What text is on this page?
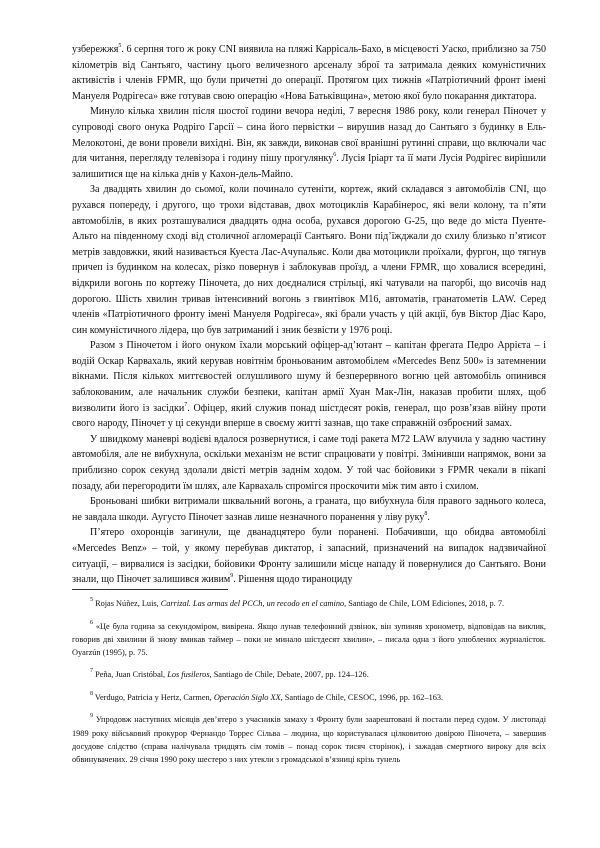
узбережжя$^5$. 6 серпня того ж року CNI виявила на пляжі Каррісаль-Бахо, в місцевості Уаско, приблизно за 750 кілометрів від Сантьяго, частину цього величезного арсеналу зброї та затримала деяких комуністичних активістів і членів FPMR, що були причетні до операції. Протягом цих тижнів «Патріотичний фронт імені Мануеля Родрігеса» вже готував свою операцію «Нова Батьківщина», метою якої було покарання диктатора.

Минуло кілька хвилин після шостої години вечора неділі, 7 вересня 1986 року, коли генерал Піночет у супроводі свого онука Родріго Гарсії – сина його первістки – вирушив назад до Сантьяго з будинку в Ель-Мелокотоні, де вони провели вихідні. Він, як завжди, виконав свої вранішні рутинні справи, що включали час для читання, перегляду телевізора і годину пішу прогулянку$^6$. Лусія Іріарт та її мати Лусія Родрігес вирішили залишитися ще на кілька днів у Кахон-дель-Майпо.

За двадцять хвилин до сьомої, коли починало сутеніти, кортеж, який складався з автомобілів CNI, що рухався попереду, і другого, що трохи відставав, двох мотоциклів Карабінерос, які вели колону, та п’яти автомобілів, в яких розташувалися двадцять одна особа, рухався дорогою G-25, що веде до міста Пуенте-Альто на південному сході від столичної агломерації Сантьяго. Вони під’їжджали до схилу близько п’ятисот метрів завдовжки, який називається Куеста Лас-Ачупальяс. Коли два мотоцикли проїхали, фургон, що тягнув причеп із будинком на колесах, різко повернув і заблокував проїзд, а члени FPMR, що ховалися всередині, відкрили вогонь по кортежу Піночета, до них доєдналися стрільці, які чатували на пагорбі, що височів над дорогою. Шість хвилин тривав інтенсивний вогонь з гвинтівок М16, автоматів, гранатометів LAW. Серед членів «Патріотичного фронту імені Мануеля Родрігеса», які брали участь у цій акції, був Віктор Діас Каро, син комуністичного лідера, що був затриманий і зник безвісти у 1976 році.

Разом з Піночетом і його онуком їхали морський офіцер-ад’ютант – капітан фрегата Педро Аррієта – і водій Оскар Карвахаль, який керував новітнім броньованим автомобілем «Mercedes Benz 500» із затемнении вікнами. Після кількох миттєвостей оглушливого шуму й безперервного вогню цей автомобіль опинився заблокованим, але начальник служби безпеки, капітан армії Хуан Мак-Лін, наказав пробити шлях, щоб визволити його із засідки$^7$. Офіцер, який служив понад шістдесят років, генерал, що розв’язав війну проти свого народу, Піночет у ці секунди вперше в своєму житті зазнав, що таке справжній озброєний замах.

У швидкому маневрі водієві вдалося розвернутися, і саме тоді ракета M72 LAW влучила у задню частину автомобіля, але не вибухнула, оскільки механізм не встиг спрацювати у повітрі. Змінивши напрямок, вони за приблизно сорок секунд здолали двісті метрів заднім ходом. У той час бойовики з FPMR чекали в пікапі позаду, аби перегородити їм шлях, але Карвахаль спромігся проскочити між тим авто і схилом.

Броньовані шибки витримали шквальний вогонь, а граната, що вибухнула біля правого заднього колеса, не завдала шкоди. Аугусто Піночет зазнав лише незначного поранення у ліву руку$^8$.

П’ятеро охоронців загинули, ще дванадцятеро були поранені. Побачивши, що обидва автомобілі «Mercedes Benz» – той, у якому перебував диктатор, і запасний, призначений на випадок надзвичайної ситуації, – вирвалися із засідки, бойовики Фронту залишили місце нападу й повернулися до Сантьяго. Вони знали, що Піночет залишився живим$^9$. Рішення щодо тираноциду

$^5$ Rojas Núñez, Luis, Carrizal. Las armas del PCCh, un recodo en el camino, Santiago de Chile, LOM Ediciones, 2018, p. 7.

$^6$ «Це була година за секундоміром, вивірена. Якщо лунав телефонний дзвінок, він зупиняв хронометр, відповідав на виклик, говорив дві хвилини й знову вмикав таймер – поки не минало шістдесят хвилин», – писала одна з його улюблених журналісток. Oyarzún (1995), p. 75.

$^7$ Peña, Juan Cristóbal, Los fusileros, Santiago de Chile, Debate, 2007, pp. 124–126.

$^8$ Verdugo, Patricia y Hertz, Carmen, Operación Siglo XX, Santiago de Chile, CESOC, 1996, pp. 162–163.

$^9$ Упродовж наступних місяців дев’ятеро з учасників замаху з Фронту були заарештовані й постали перед судом. У листопаді 1989 року військовий прокурор Фернандо Торрес Сільва – людина, що користувалася цілковитою довірою Піночета, – завершив досудове слідство (справа налічувала тридцять сім томів – понад сорок тисяч сторінок), і зажадав смертного вироку для всіх обвинувачених. 29 січня 1990 року шестеро з них утекли з громадської в’язниці крізь тунель
